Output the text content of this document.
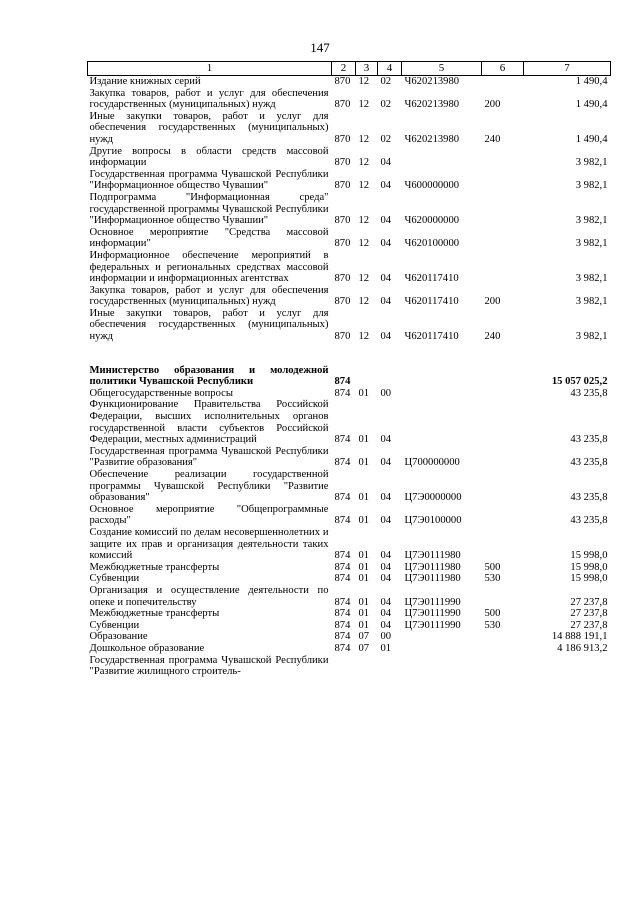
147
1	2	3	4	5	6	7
Издание книжных серий	870	12	02	Ч620213980		1 490,4
Закупка товаров, работ и услуг для обеспечения государственных (муниципальных) нужд	870	12	02	Ч620213980	200	1 490,4
Иные закупки товаров, работ и услуг для обеспечения государственных (муниципальных) нужд	870	12	02	Ч620213980	240	1 490,4
Другие вопросы в области средств массовой информации	870	12	04			3 982,1
Государственная программа Чувашской Республики "Информационное общество Чувашии"	870	12	04	Ч600000000		3 982,1
Подпрограмма "Информационная среда" государственной программы Чувашской Республики "Информационное общество Чувашии"	870	12	04	Ч620000000		3 982,1
Основное мероприятие "Средства массовой информации"	870	12	04	Ч620100000		3 982,1
Информационное обеспечение мероприятий в федеральных и региональных средствах массовой информации и информационных агентствах	870	12	04	Ч620117410		3 982,1
Закупка товаров, работ и услуг для обеспечения государственных (муниципальных) нужд	870	12	04	Ч620117410	200	3 982,1
Иные закупки товаров, работ и услуг для обеспечения государственных (муниципальных) нужд	870	12	04	Ч620117410	240	3 982,1

Министерство образования и молодежной политики Чувашской Республики	874					15 057 025,2
Общегосударственные вопросы	874	01	00			43 235,8
Функционирование Правительства Российской Федерации, высших исполнительных органов государственной власти субъектов Российской Федерации, местных администраций	874	01	04			43 235,8
Государственная программа Чувашской Республики "Развитие образования"	874	01	04	Ц700000000		43 235,8
Обеспечение реализации государственной программы Чувашской Республики "Развитие образования"	874	01	04	Ц7Э0000000		43 235,8
Основное мероприятие "Общепрограммные расходы"	874	01	04	Ц7Э0100000		43 235,8
Создание комиссий по делам несовершеннолетних и защите их прав и организация деятельности таких комиссий	874	01	04	Ц7Э0111980		15 998,0
Межбюджетные трансферты	874	01	04	Ц7Э0111980	500	15 998,0
Субвенции	874	01	04	Ц7Э0111980	530	15 998,0
Организация и осуществление деятельности по опеке и попечительству	874	01	04	Ц7Э0111990		27 237,8
Межбюджетные трансферты	874	01	04	Ц7Э0111990	500	27 237,8
Субвенции	874	01	04	Ц7Э0111990	530	27 237,8
Образование	874	07	00			14 888 191,1
Дошкольное образование	874	07	01			4 186 913,2
Государственная программа Чувашской Республики "Развитие жилищного строитель-						
